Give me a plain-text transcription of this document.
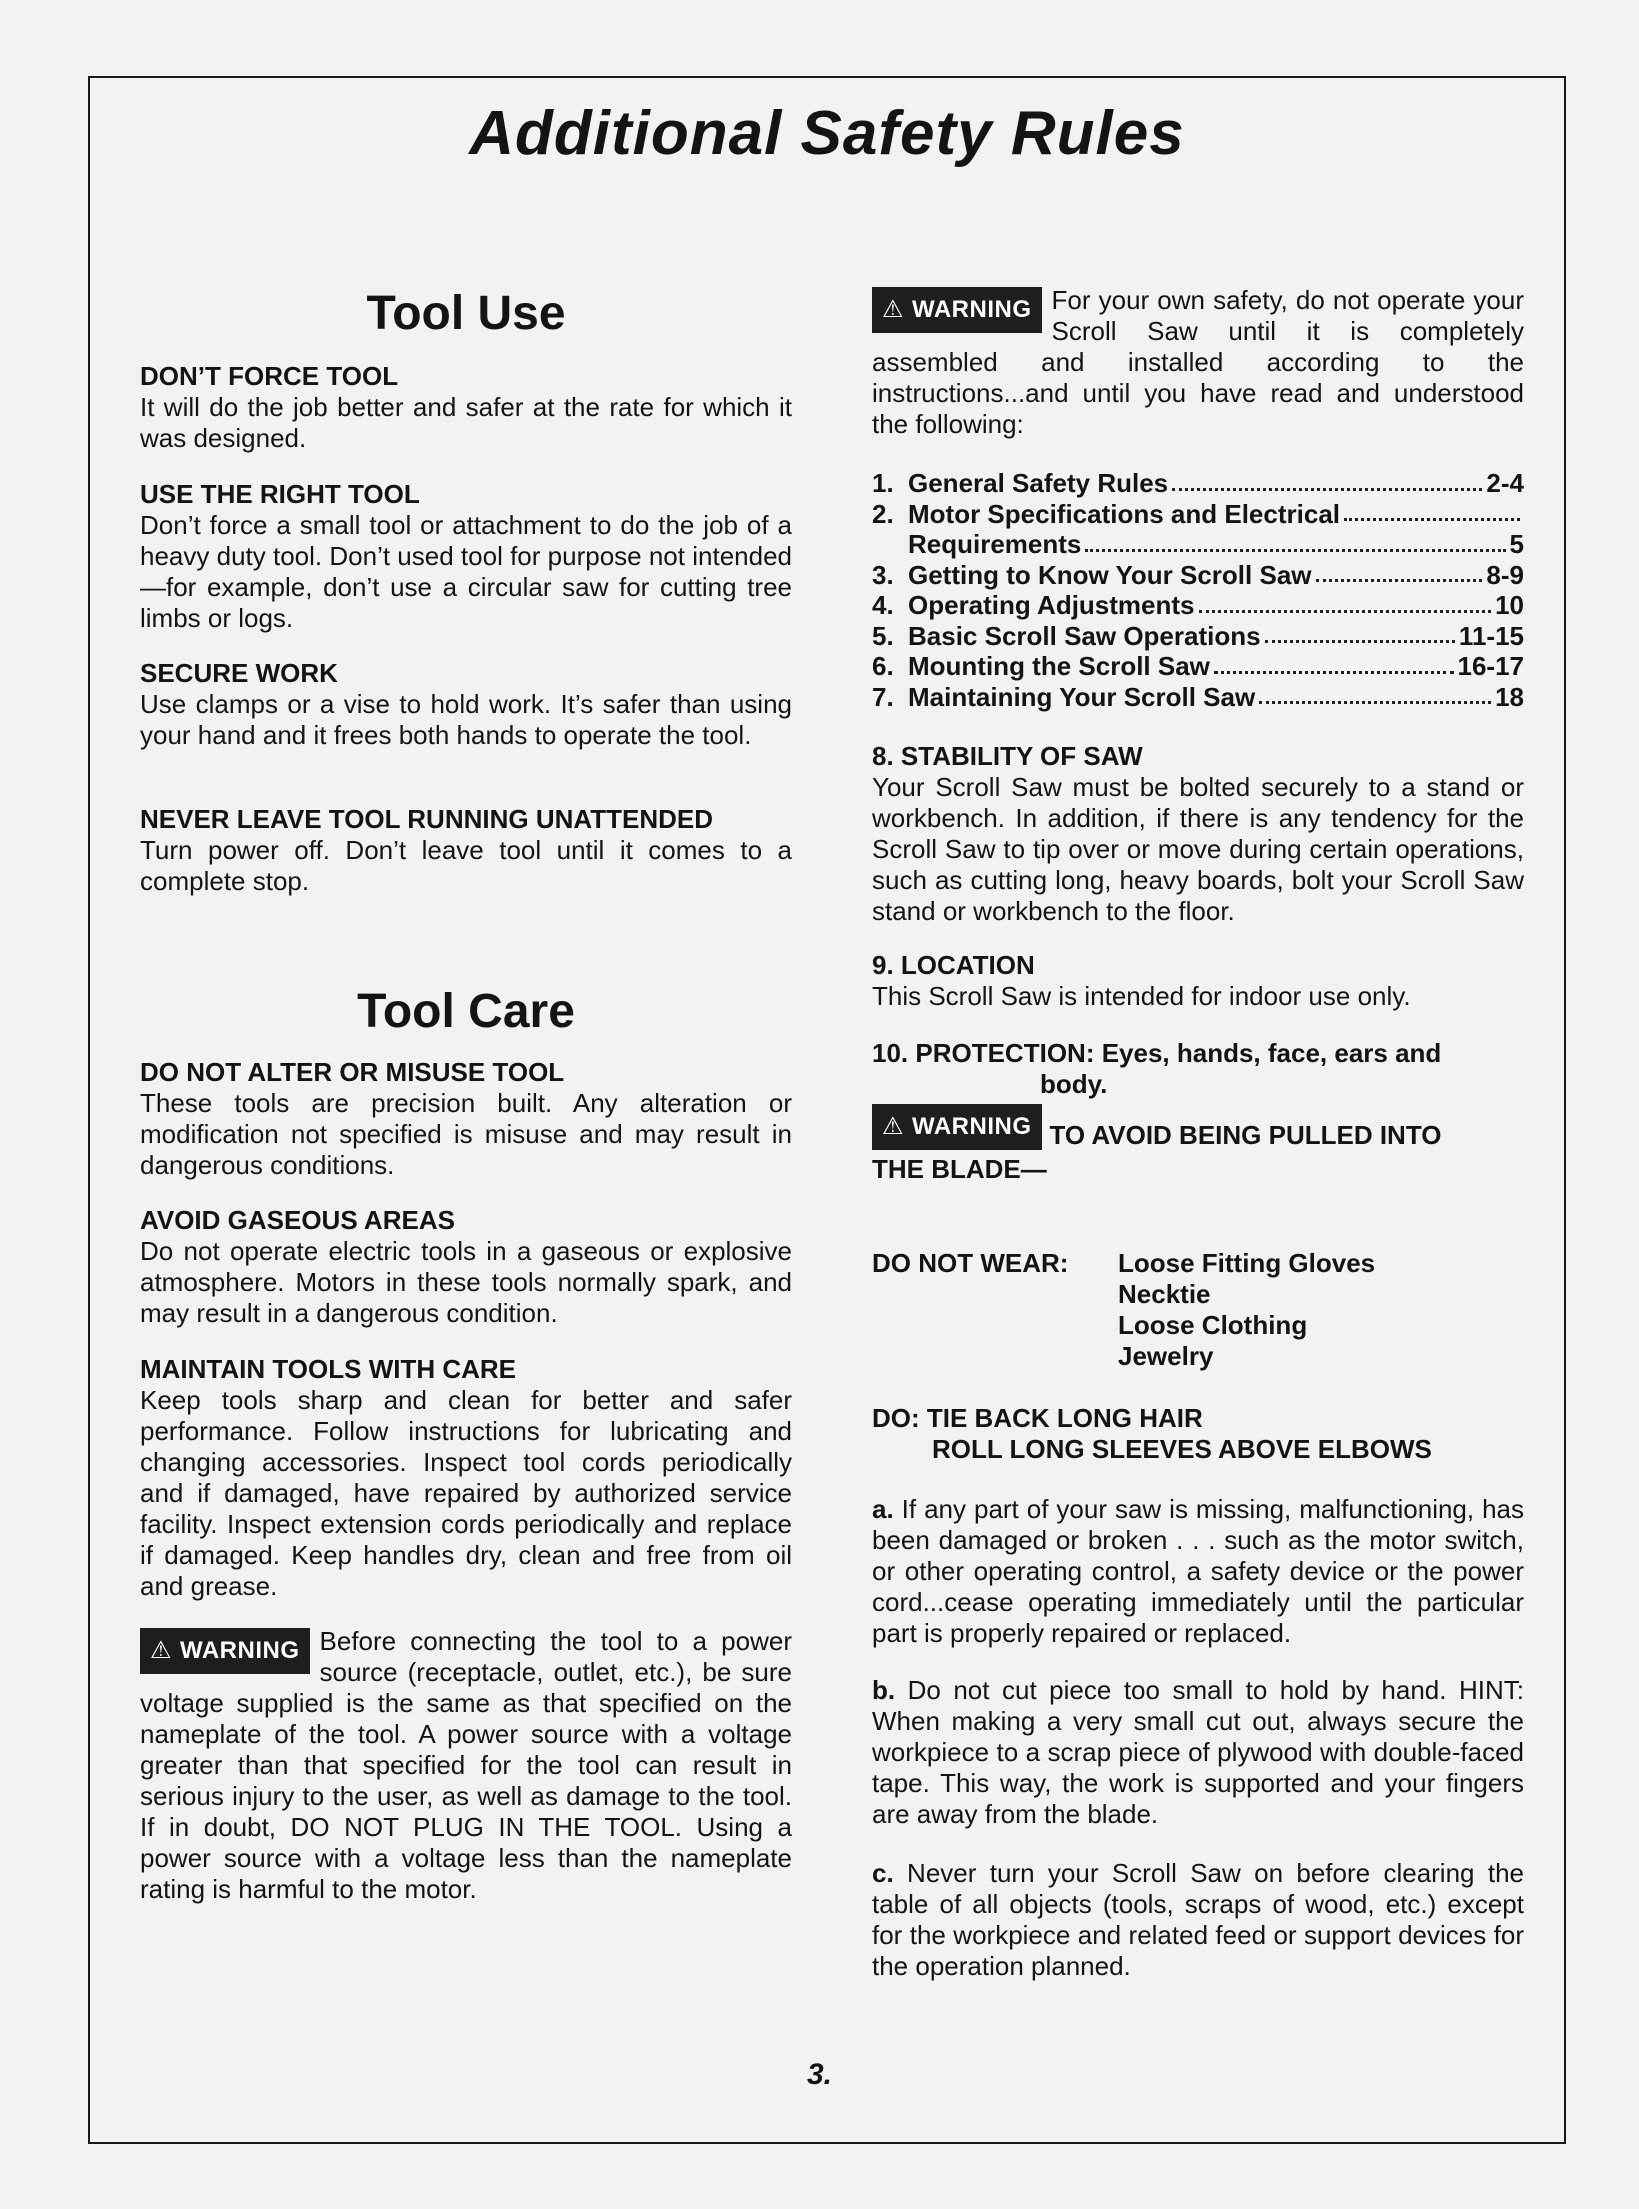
Additional Safety Rules
Tool Use

DON’T FORCE TOOL

It will do the job better and safer at the rate for which it was designed.

USE THE RIGHT TOOL

Don’t force a small tool or attachment to do the job of a heavy duty tool. Don’t used tool for purpose not intended—for example, don’t use a circular saw for cutting tree limbs or logs.

SECURE WORK

Use clamps or a vise to hold work. It’s safer than using your hand and it frees both hands to operate the tool.

NEVER LEAVE TOOL RUNNING UNATTENDED

Turn power off. Don’t leave tool until it comes to a complete stop.

Tool Care

DO NOT ALTER OR MISUSE TOOL

These tools are precision built. Any alteration or modification not specified is misuse and may result in dangerous conditions.

AVOID GASEOUS AREAS

Do not operate electric tools in a gaseous or explosive atmosphere. Motors in these tools normally spark, and may result in a dangerous condition.

MAINTAIN TOOLS WITH CARE

Keep tools sharp and clean for better and safer performance. Follow instructions for lubricating and changing accessories. Inspect tool cords periodically and if damaged, have repaired by authorized service facility. Inspect extension cords periodically and replace if damaged. Keep handles dry, clean and free from oil and grease.

⚠ WARNING Before connecting the tool to a power source (receptacle, outlet, etc.), be sure voltage supplied is the same as that specified on the nameplate of the tool. A power source with a voltage greater than that specified for the tool can result in serious injury to the user, as well as damage to the tool. If in doubt, DO NOT PLUG IN THE TOOL. Using a power source with a voltage less than the nameplate rating is harmful to the motor.

⚠ WARNING For your own safety, do not operate your Scroll Saw until it is completely assembled and installed according to the instructions...and until you have read and understood the following:

1. General Safety Rules	2-4
2. Motor Specifications and Electrical
Requirements	5
3. Getting to Know Your Scroll Saw	8-9
4. Operating Adjustments	10
5. Basic Scroll Saw Operations	11-15
6. Mounting the Scroll Saw	16-17
7. Maintaining Your Scroll Saw	18

8. STABILITY OF SAW

Your Scroll Saw must be bolted securely to a stand or workbench. In addition, if there is any tendency for the Scroll Saw to tip over or move during certain operations, such as cutting long, heavy boards, bolt your Scroll Saw stand or workbench to the floor.

9. LOCATION

This Scroll Saw is intended for indoor use only.

10. PROTECTION: Eyes, hands, face, ears and

body.

⚠ WARNING TO AVOID BEING PULLED INTO

THE BLADE—

DO NOT WEAR:	Loose Fitting Gloves
Necktie
Loose Clothing
Jewelry

DO: TIE BACK LONG HAIR

ROLL LONG SLEEVES ABOVE ELBOWS

a. If any part of your saw is missing, malfunctioning, has been damaged or broken . . . such as the motor switch, or other operating control, a safety device or the power cord...cease operating immediately until the particular part is properly repaired or replaced.

b. Do not cut piece too small to hold by hand. HINT: When making a very small cut out, always secure the workpiece to a scrap piece of plywood with double-faced tape. This way, the work is supported and your fingers are away from the blade.

c. Never turn your Scroll Saw on before clearing the table of all objects (tools, scraps of wood, etc.) except for the workpiece and related feed or support devices for the operation planned.

3.
